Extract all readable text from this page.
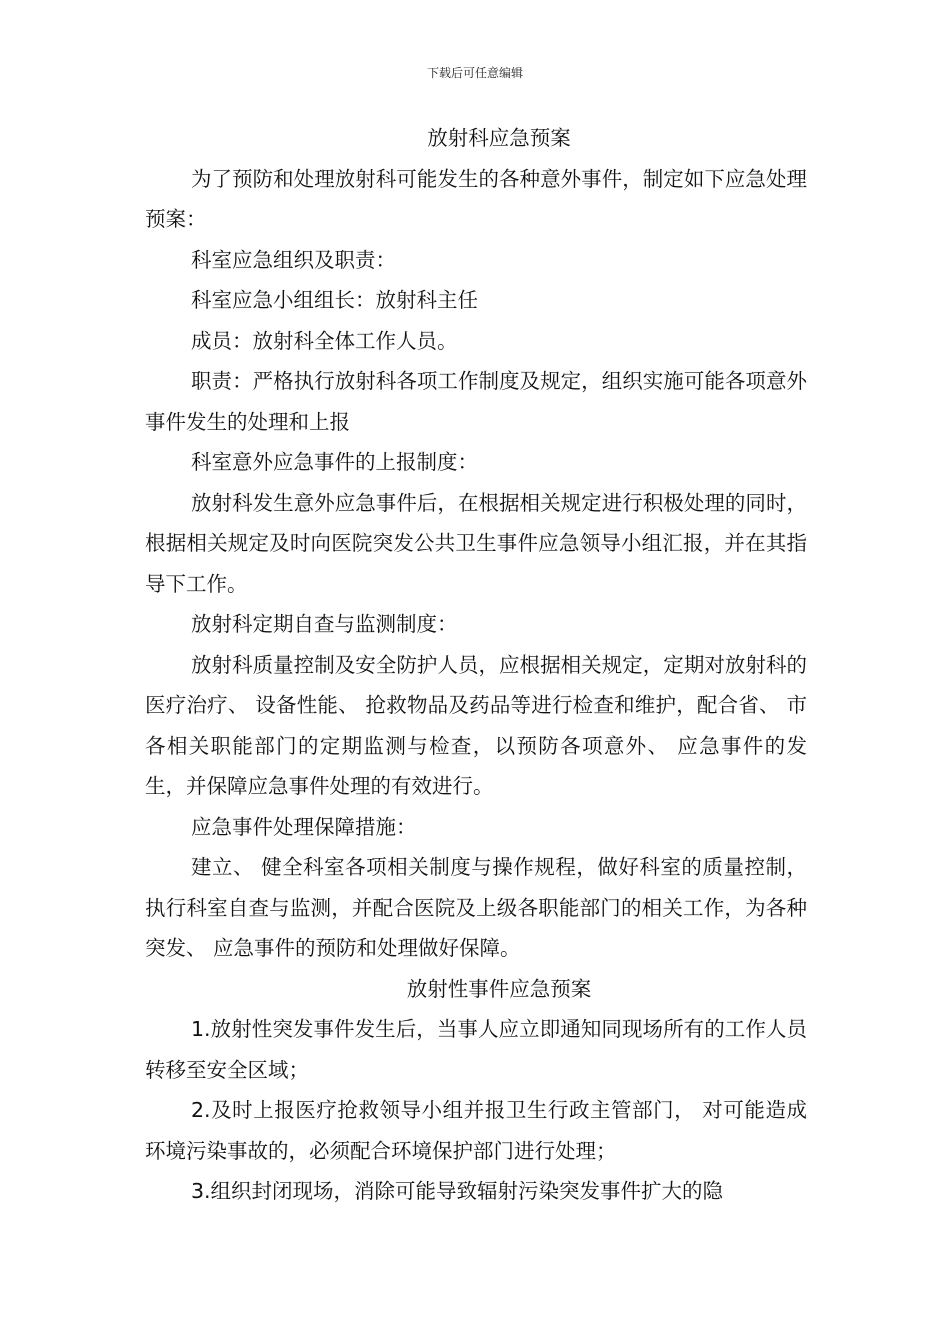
下载后可任意编辑

放射科应急预案

为了预防和处理放射科可能发生的各种意外事件，制定如下应急处理预案：

科室应急组织及职责：

科室应急小组组长：放射科主任

成员：放射科全体工作人员。

职责：严格执行放射科各项工作制度及规定，组织实施可能各项意外事件发生的处理和上报

科室意外应急事件的上报制度：

放射科发生意外应急事件后，在根据相关规定进行积极处理的同时，根据相关规定及时向医院突发公共卫生事件应急领导小组汇报，并在其指导下工作。

放射科定期自查与监测制度：

放射科质量控制及安全防护人员，应根据相关规定，定期对放射科的医疗治疗、 设备性能、 抢救物品及药品等进行检查和维护，配合省、 市各相关职能部门的定期监测与检查，以预防各项意外、 应急事件的发生，并保障应急事件处理的有效进行。

应急事件处理保障措施：

建立、 健全科室各项相关制度与操作规程，做好科室的质量控制，执行科室自查与监测，并配合医院及上级各职能部门的相关工作，为各种突发、 应急事件的预防和处理做好保障。

放射性事件应急预案

1.放射性突发事件发生后，当事人应立即通知同现场所有的工作人员转移至安全区域；

2.及时上报医疗抢救领导小组并报卫生行政主管部门， 对可能造成环境污染事故的，必须配合环境保护部门进行处理；

3.组织封闭现场，消除可能导致辐射污染突发事件扩大的隐
